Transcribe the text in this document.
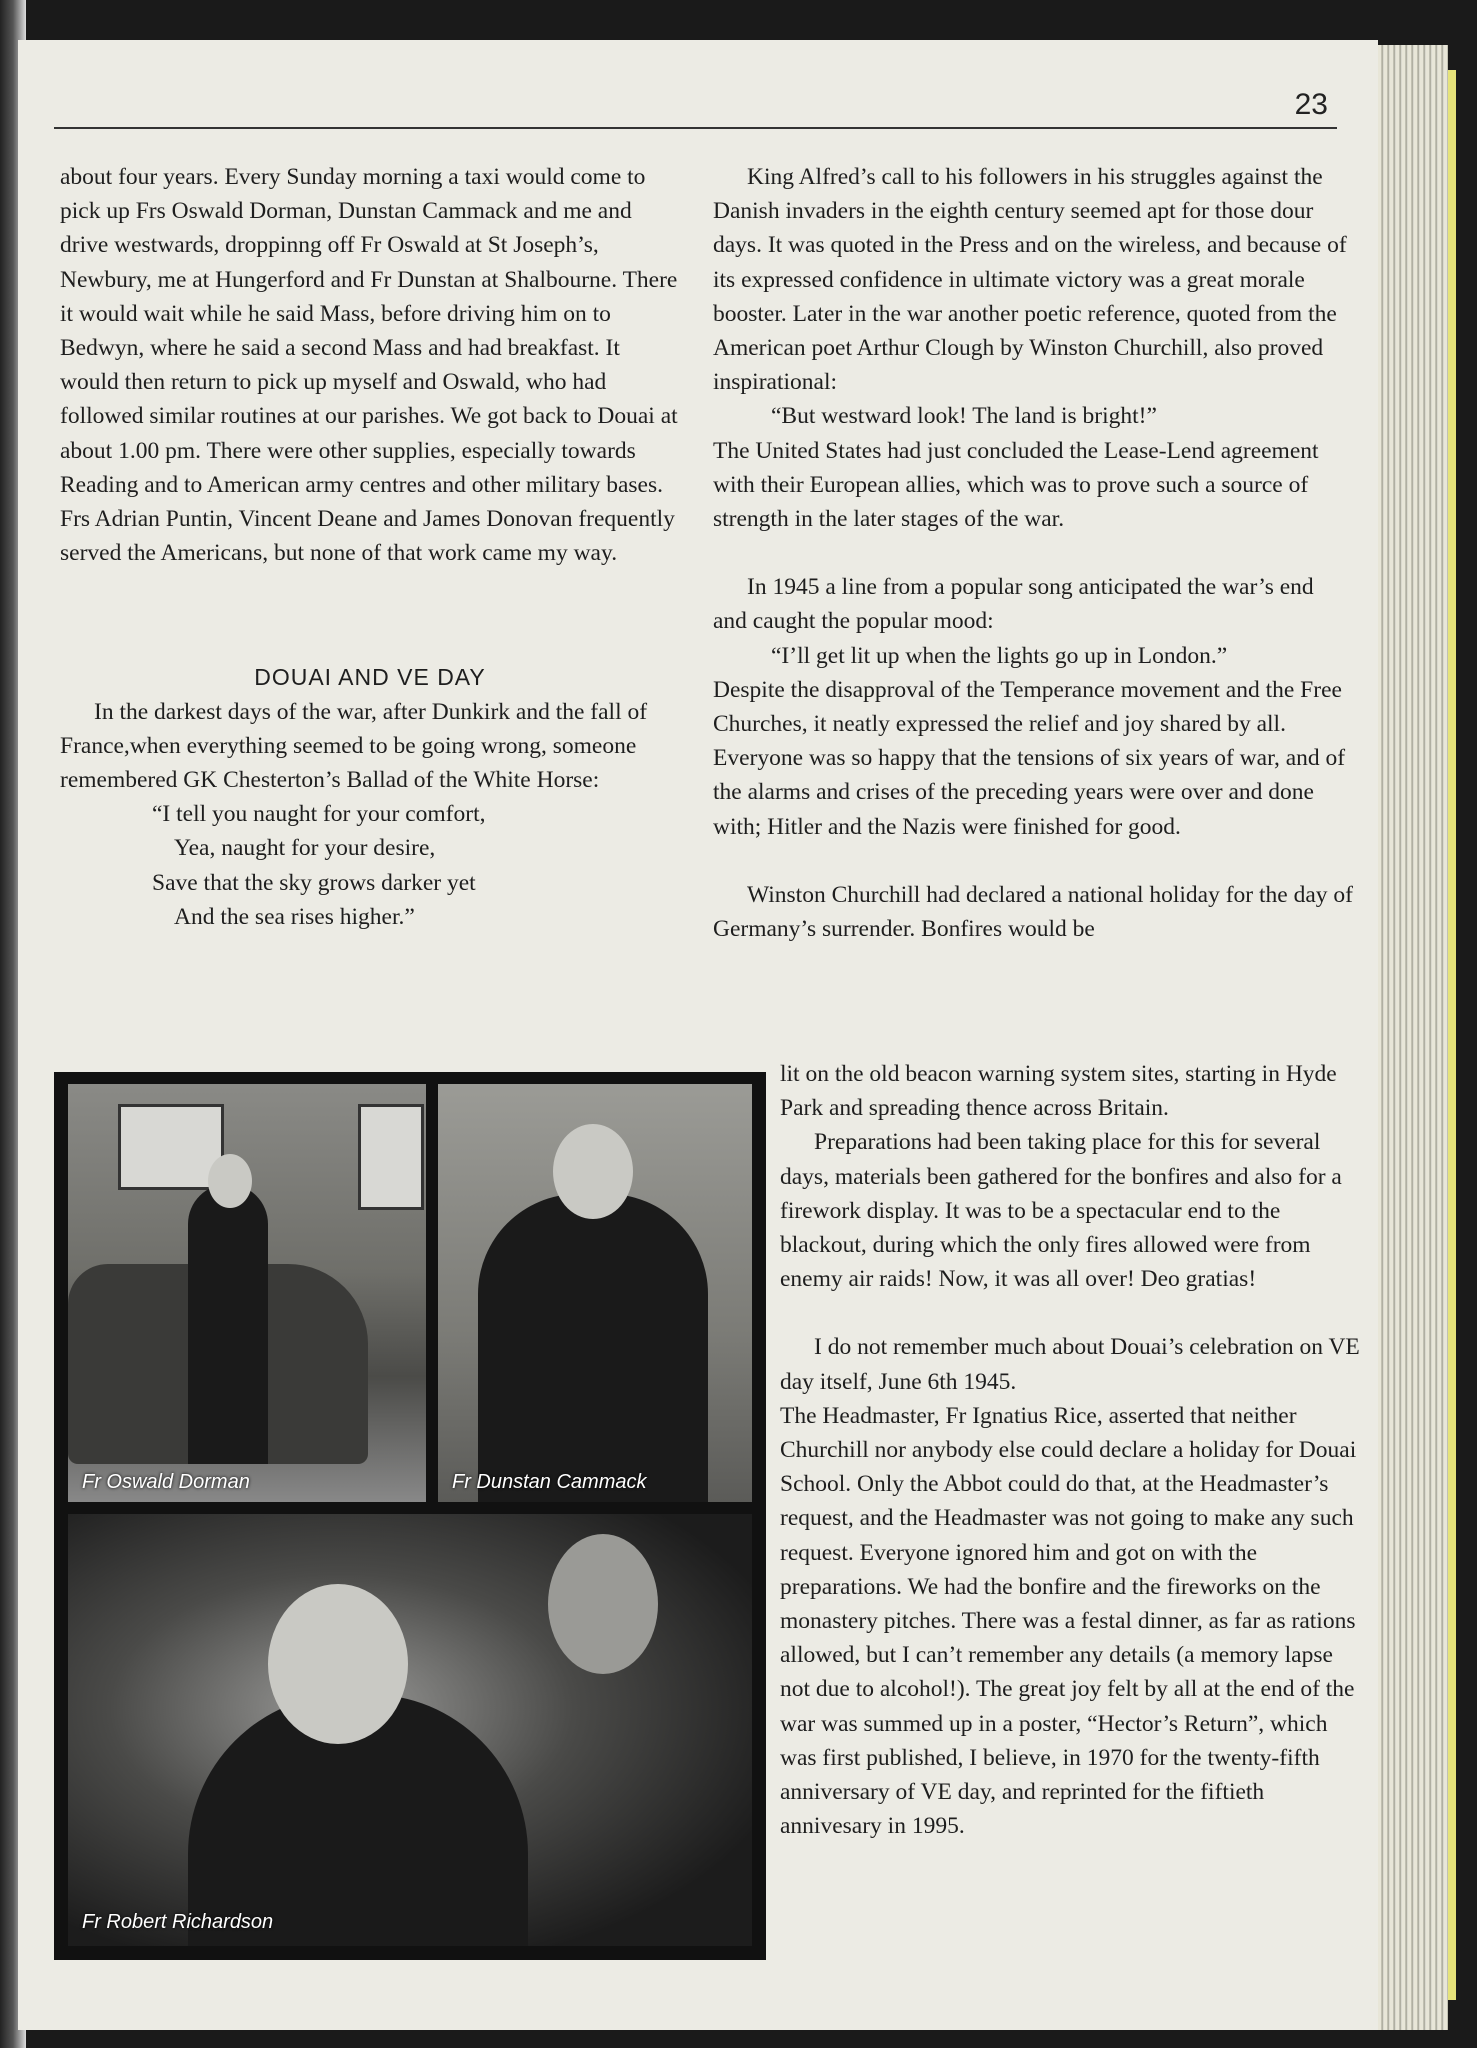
23

about four years. Every Sunday morning a taxi would come to pick up Frs Oswald Dorman, Dunstan Cammack and me and drive westwards, droppinng off Fr Oswald at St Joseph’s, Newbury, me at Hungerford and Fr Dunstan at Shalbourne. There it would wait while he said Mass, before driving him on to Bedwyn, where he said a second Mass and had breakfast. It would then return to pick up myself and Oswald, who had followed similar routines at our parishes. We got back to Douai at about 1.00 pm. There were other supplies, especially towards Reading and to American army centres and other military bases. Frs Adrian Puntin, Vincent Deane and James Donovan frequently served the Americans, but none of that work came my way.

DOUAI AND VE DAY

In the darkest days of the war, after Dunkirk and the fall of France,when everything seemed to be going wrong, someone remembered GK Chesterton’s Ballad of the White Horse:

“I tell you naught for your comfort,

Yea, naught for your desire,

Save that the sky grows darker yet

And the sea rises higher.”

King Alfred’s call to his followers in his struggles against the Danish invaders in the eighth century seemed apt for those dour days. It was quoted in the Press and on the wireless, and because of its expressed confidence in ultimate victory was a great morale booster. Later in the war another poetic reference, quoted from the American poet Arthur Clough by Winston Churchill, also proved inspirational:

“But westward look! The land is bright!”

The United States had just concluded the Lease-Lend agreement with their European allies, which was to prove such a source of strength in the later stages of the war.

In 1945 a line from a popular song anticipated the war’s end and caught the popular mood:

“I’ll get lit up when the lights go up in London.”

Despite the disapproval of the Temperance movement and the Free Churches, it neatly expressed the relief and joy shared by all. Everyone was so happy that the tensions of six years of war, and of the alarms and crises of the preceding years were over and done with; Hitler and the Nazis were finished for good.

Winston Churchill had declared a national holiday for the day of Germany’s surrender. Bonfires would be

lit on the old beacon warning system sites, starting in Hyde Park and spreading thence across Britain.

Preparations had been taking place for this for several days, materials been gathered for the bonfires and also for a firework display. It was to be a spectacular end to the blackout, during which the only fires allowed were from enemy air raids! Now, it was all over! Deo gratias!

I do not remember much about Douai’s celebration on VE day itself, June 6th 1945.

The Headmaster, Fr Ignatius Rice, asserted that neither Churchill nor anybody else could declare a holiday for Douai School. Only the Abbot could do that, at the Headmaster’s request, and the Headmaster was not going to make any such request. Everyone ignored him and got on with the preparations. We had the bonfire and the fireworks on the monastery pitches. There was a festal dinner, as far as rations allowed, but I can’t remember any details (a memory lapse not due to alcohol!). The great joy felt by all at the end of the war was summed up in a poster, “Hector’s Return”, which was first published, I believe, in 1970 for the twenty-fifth anniversary of VE day, and reprinted for the fiftieth annivesary in 1995.

Fr Oswald Dorman	Fr Dunstan Cammack
Fr Robert Richardson
